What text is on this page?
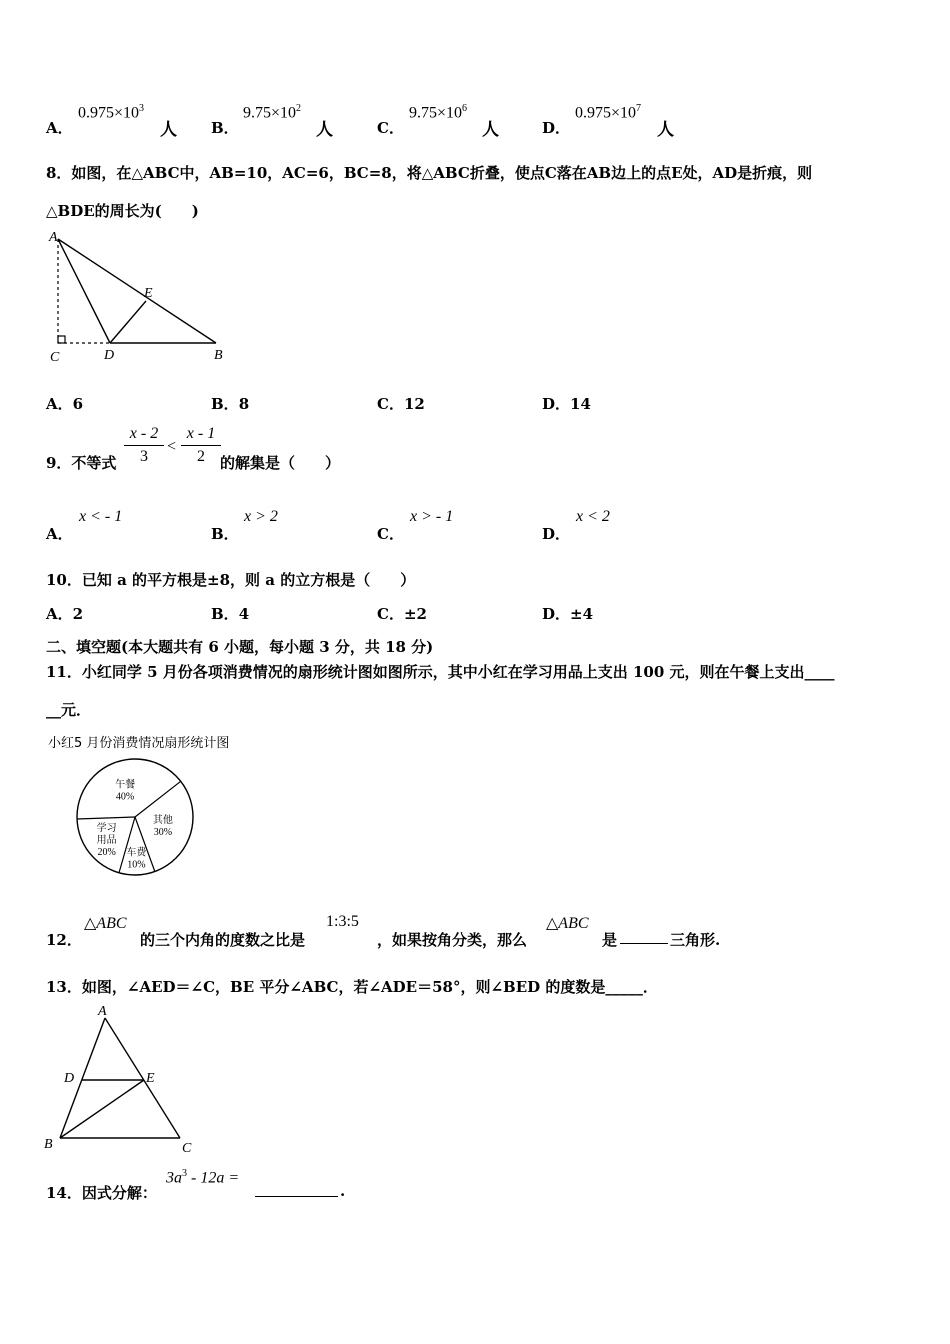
A．
$0.975\times 10^3$
人 B．
$9.75\times 10^2$
人	C．
$9.75\times 10^6$
人	D．
$0.975\times 10^7$
人
8．如图，在△ABC中，AB=10，AC=6，BC=8，将△ABC折叠，使点C落在AB边上的点E处，AD是折痕，则
△BDE的周长为(　　)
A
C	D	B
E
A．6	B．8	C．12	D．14
9．不等式
x - 2
3
<
x - 1
2	的解集是（　　）
A．
x < - 1
B．
x > 2
C．
x > - 1
D．
x < 2
10．已知 a 的平方根是±8，则 a 的立方根是（　　）
A．2	B．4	C．±2	D．±4
二、填空题(本大题共有 6 小题，每小题 3 分，共 18 分)
11．小红同学 5 月份各项消费情况的扇形统计图如图所示，其中小红在学习用品上支出 100 元，则在午餐上支出____
__元．
小红5 月份消费情况扇形统计图
午餐
40%
其他
30%
车费
10%
学习
用品
20%
12．
△ABC
的三个内角的度数之比是
1:3:5
，如果按角分类，那么
△ABC
是	三角形.
13．如图，∠AED＝∠C，BE 平分∠ABC，若∠ADE＝58°，则∠BED 的度数是_____．
A
D	E
B	C
14．因式分解：
$3a^3 - 12a$ =
.
